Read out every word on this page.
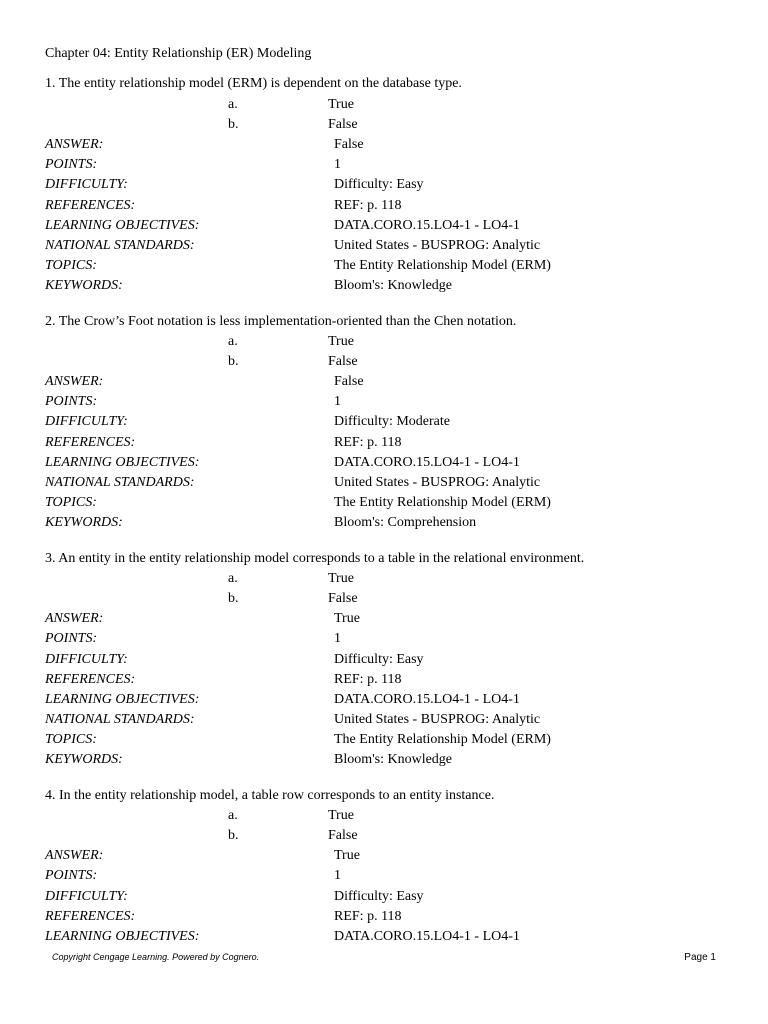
Chapter 04: Entity Relationship (ER) Modeling
1. The entity relationship model (ERM) is dependent on the database type.
a.	True
b.	False
ANSWER:	False
POINTS:	1
DIFFICULTY:	Difficulty: Easy
REFERENCES:	REF: p. 118
LEARNING OBJECTIVES:	DATA.CORO.15.LO4-1 - LO4-1
NATIONAL STANDARDS:	United States - BUSPROG: Analytic
TOPICS:	The Entity Relationship Model (ERM)
KEYWORDS:	Bloom's: Knowledge
2. The Crow’s Foot notation is less implementation-oriented than the Chen notation.
a.	True
b.	False
ANSWER:	False
POINTS:	1
DIFFICULTY:	Difficulty: Moderate
REFERENCES:	REF: p. 118
LEARNING OBJECTIVES:	DATA.CORO.15.LO4-1 - LO4-1
NATIONAL STANDARDS:	United States - BUSPROG: Analytic
TOPICS:	The Entity Relationship Model (ERM)
KEYWORDS:	Bloom's: Comprehension
3. An entity in the entity relationship model corresponds to a table in the relational environment.
a.	True
b.	False
ANSWER:	True
POINTS:	1
DIFFICULTY:	Difficulty: Easy
REFERENCES:	REF: p. 118
LEARNING OBJECTIVES:	DATA.CORO.15.LO4-1 - LO4-1
NATIONAL STANDARDS:	United States - BUSPROG: Analytic
TOPICS:	The Entity Relationship Model (ERM)
KEYWORDS:	Bloom's: Knowledge
4. In the entity relationship model, a table row corresponds to an entity instance.
a.	True
b.	False
ANSWER:	True
POINTS:	1
DIFFICULTY:	Difficulty: Easy
REFERENCES:	REF: p. 118
LEARNING OBJECTIVES:	DATA.CORO.15.LO4-1 - LO4-1
Copyright Cengage Learning. Powered by Cognero.	Page 1
